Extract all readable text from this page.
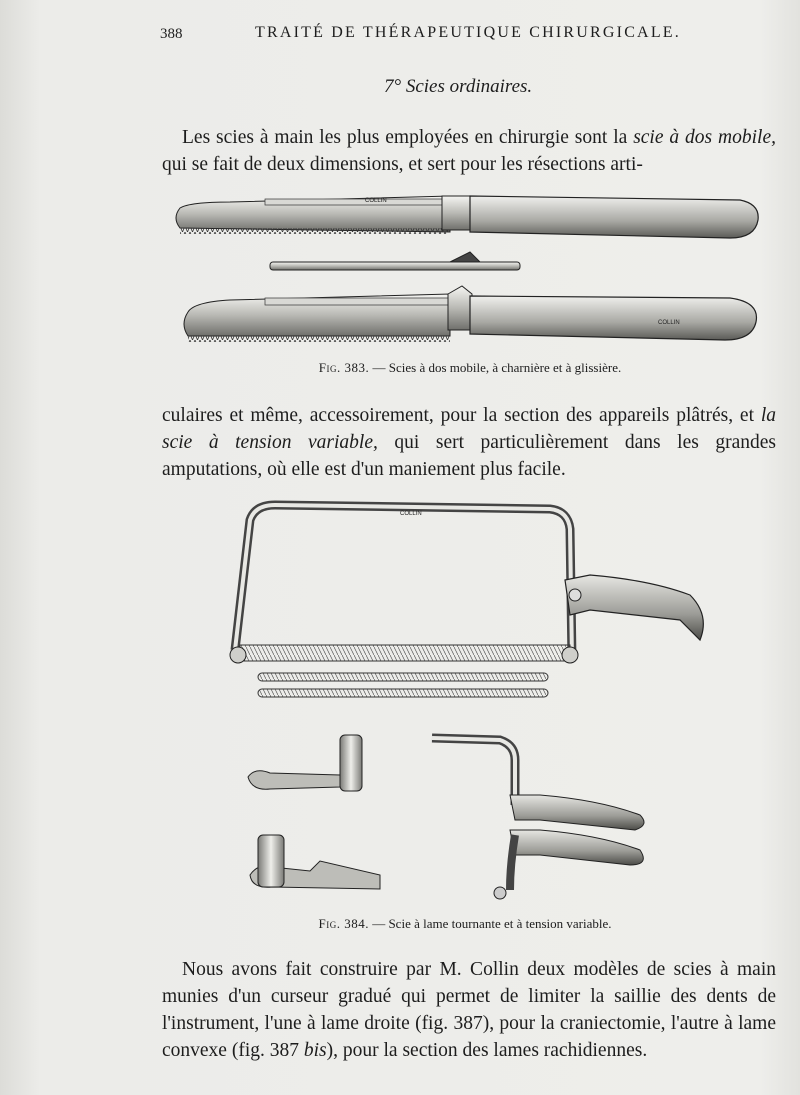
388	TRAITÉ DE THÉRAPEUTIQUE CHIRURGICALE.
7° Scies ordinaires.
Les scies à main les plus employées en chirurgie sont la scie à dos mobile, qui se fait de deux dimensions, et sert pour les résections arti-
COLLIN
COLLIN
Fig. 383. — Scies à dos mobile, à charnière et à glissière.
culaires et même, accessoirement, pour la section des appareils plâtrés, et la scie à tension variable, qui sert particulièrement dans les grandes amputations, où elle est d'un maniement plus facile.
COLLIN
Fig. 384. — Scie à lame tournante et à tension variable.
Nous avons fait construire par M. Collin deux modèles de scies à main munies d'un curseur gradué qui permet de limiter la saillie des dents de l'instrument, l'une à lame droite (fig. 387), pour la craniectomie, l'autre à lame convexe (fig. 387 bis), pour la section des lames rachidiennes.
